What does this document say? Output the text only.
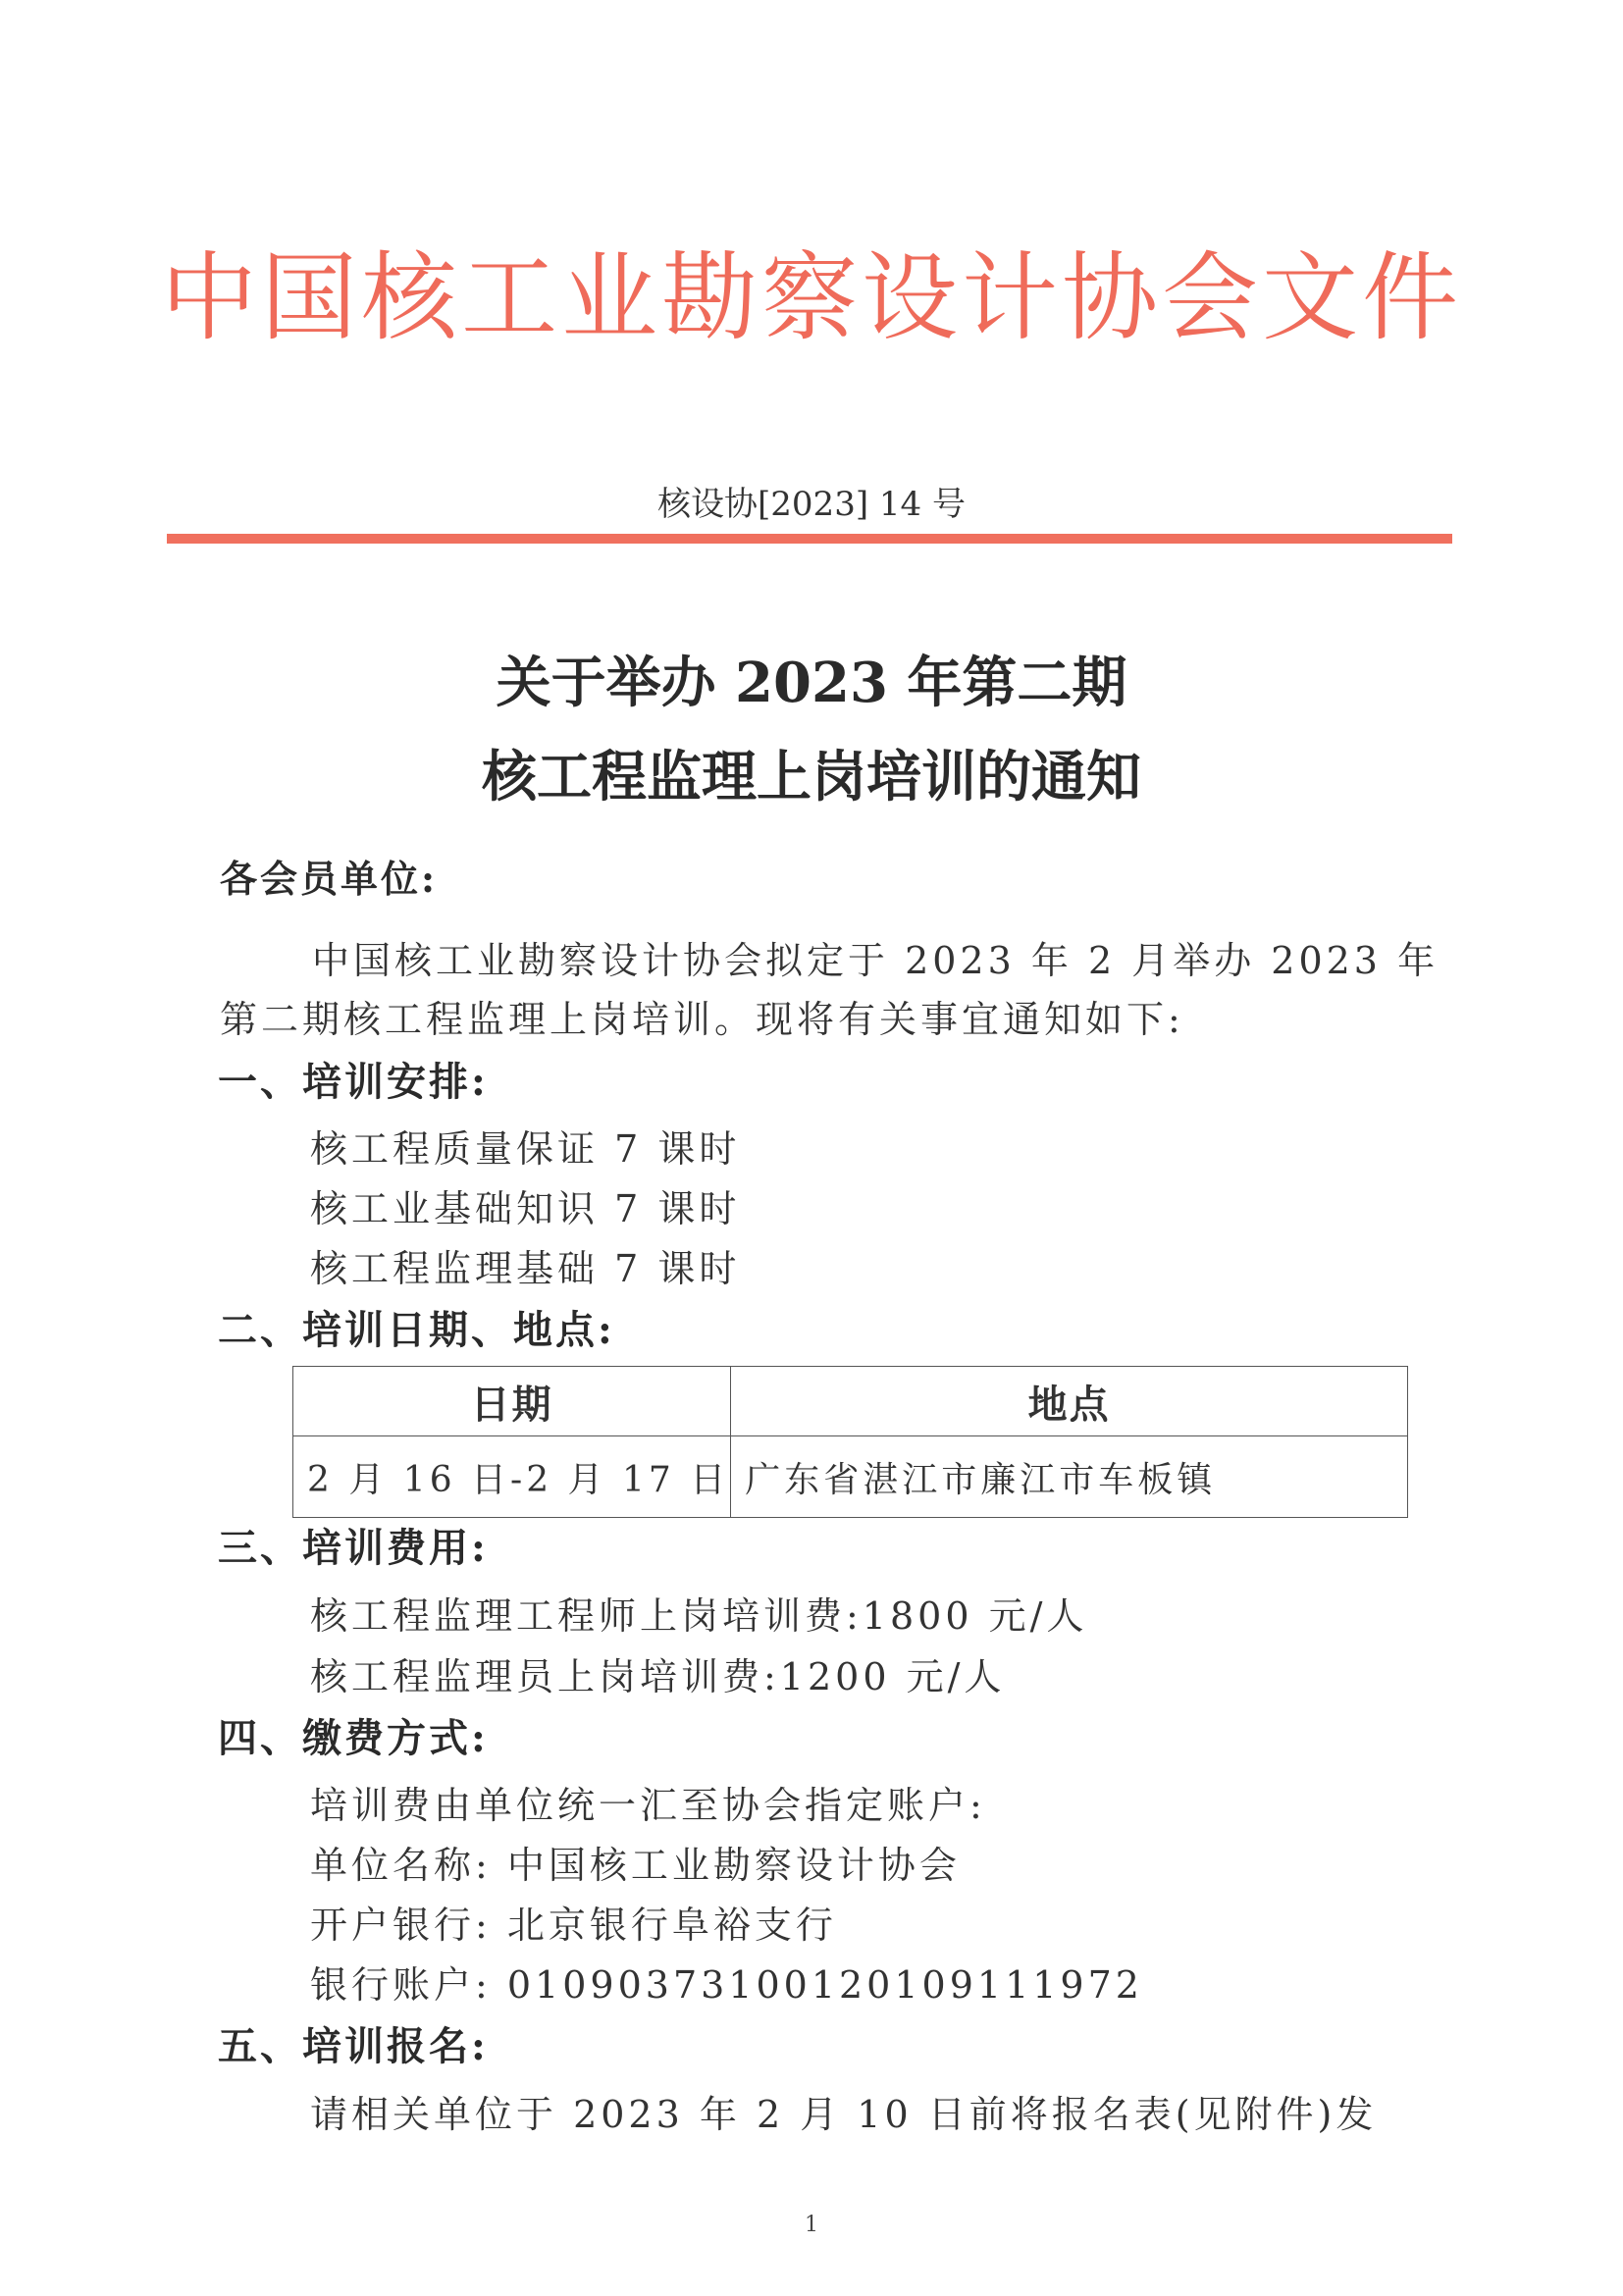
中国核工业勘察设计协会文件
核设协[2023] 14 号
关于举办 2023 年第二期
核工程监理上岗培训的通知
各会员单位:
中国核工业勘察设计协会拟定于 2023 年 2 月举办 2023 年
第二期核工程监理上岗培训。现将有关事宜通知如下:
一、培训安排:
核工程质量保证 7 课时
核工业基础知识 7 课时
核工程监理基础 7 课时
二、培训日期、地点:
日期	地点
2 月 16 日-2 月 17 日	广东省湛江市廉江市车板镇
三、培训费用:
核工程监理工程师上岗培训费:1800 元/人
核工程监理员上岗培训费:1200 元/人
四、缴费方式:
培训费由单位统一汇至协会指定账户:
单位名称: 中国核工业勘察设计协会
开户银行: 北京银行阜裕支行
银行账户: 01090373100120109111972
五、培训报名:
请相关单位于 2023 年 2 月 10 日前将报名表(见附件)发
1
